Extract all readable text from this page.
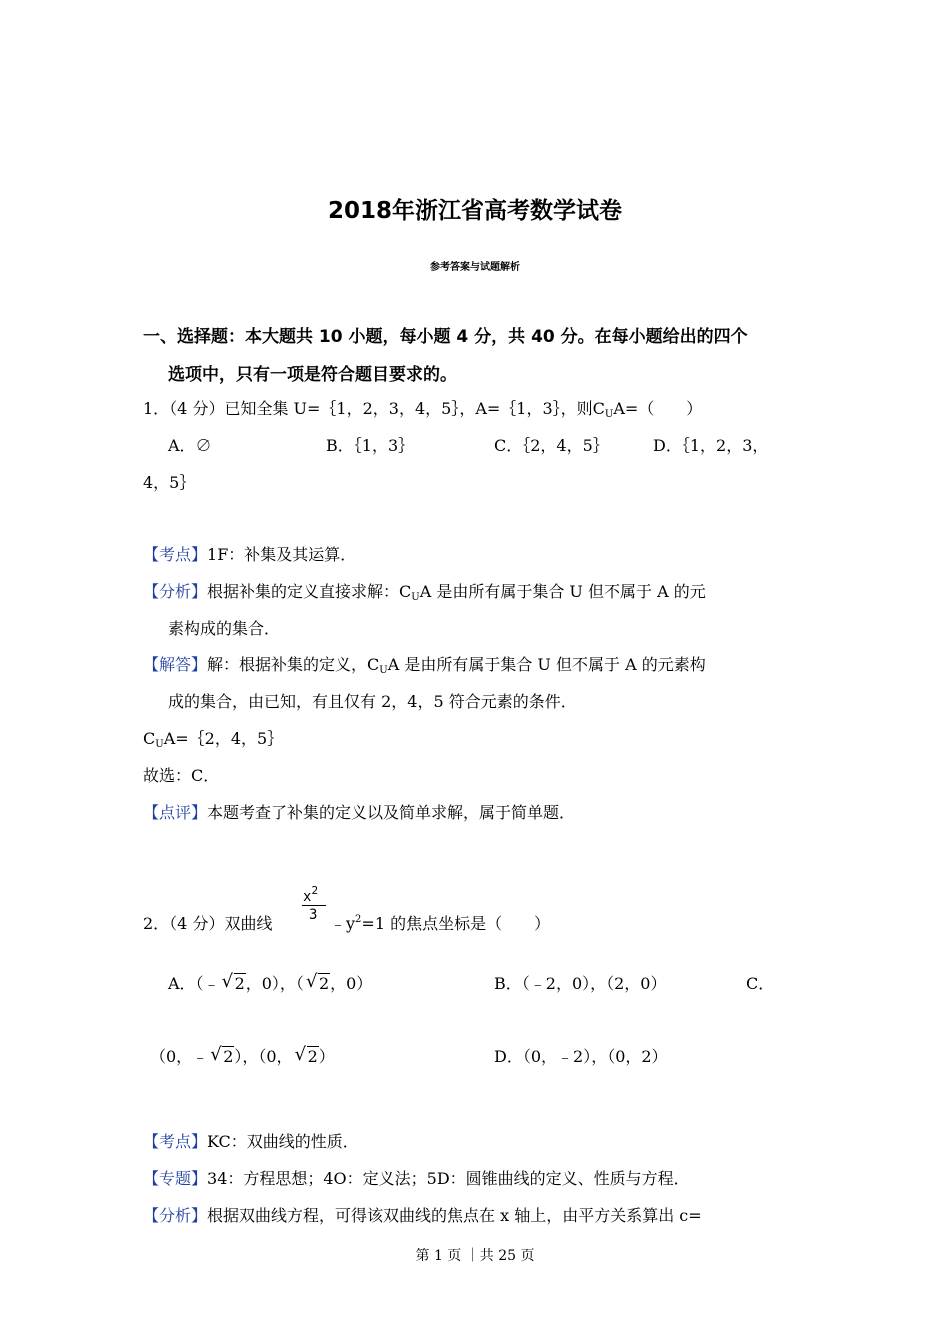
2018年浙江省高考数学试卷
参考答案与试题解析
一、选择题：本大题共 10 小题，每小题 4 分，共 40 分。在每小题给出的四个
选项中，只有一项是符合题目要求的。
1．（4 分）已知全集 U=｛1，2，3，4，5｝，A=｛1，3｝，则$C_UA=$（　　）
A．∅	B．｛1，3｝	C．｛2，4，5｝	D．｛1，2，3，
4，5｝
【考点】1F：补集及其运算．
【分析】根据补集的定义直接求解：$C_UA$ 是由所有属于集合 U 但不属于 A 的元
素构成的集合．
【解答】解：根据补集的定义，$C_UA$ 是由所有属于集合 U 但不属于 A 的元素构
成的集合，由已知，有且仅有 2，4，5 符合元素的条件．
$C_UA=\{2$，4，5｝
故选：C．
【点评】本题考查了补集的定义以及简单求解，属于简单题．
2．（4 分）双曲线
$x^2$
3 $﹣y^2=1$ 的焦点坐标是（　　）
A．（﹣ √ 2，0），（ √ 2，0）	B．（﹣2，0），（2，0）	C．
（0，﹣ √ 2），（0， √ 2）	D．（0，﹣2），（0，2）
【考点】KC：双曲线的性质．
【专题】34：方程思想；4O：定义法；5D：圆锥曲线的定义、性质与方程．
【分析】根据双曲线方程，可得该双曲线的焦点在 x 轴上，由平方关系算出 c=
第 1 页 ｜共 25 页
